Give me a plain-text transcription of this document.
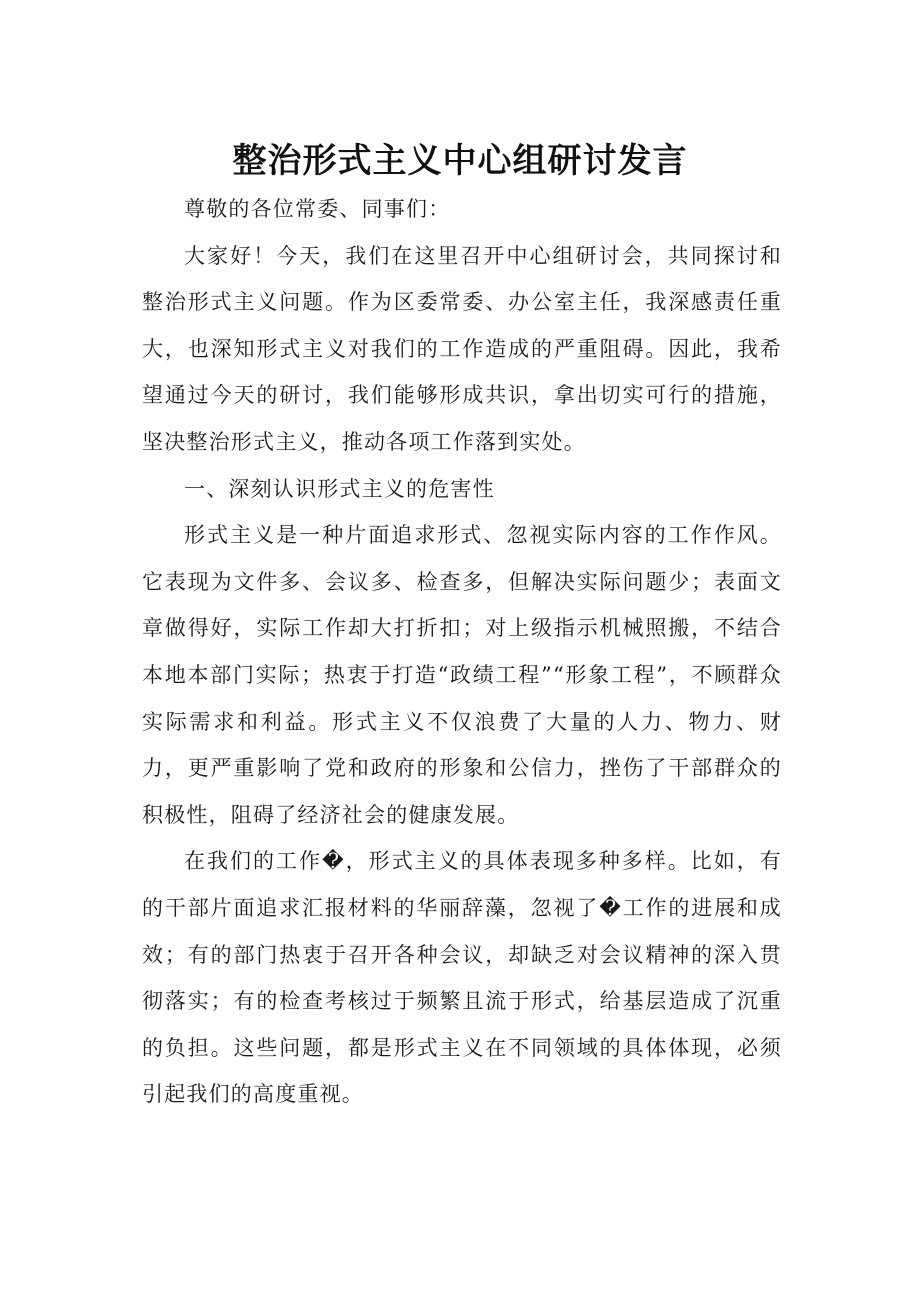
整治形式主义中心组研讨发言

尊敬的各位常委、同事们：

大家好！今天，我们在这里召开中心组研讨会，共同探讨和整治形式主义问题。作为区委常委、办公室主任，我深感责任重大，也深知形式主义对我们的工作造成的严重阻碍。因此，我希望通过今天的研讨，我们能够形成共识，拿出切实可行的措施，坚决整治形式主义，推动各项工作落到实处。

一、深刻认识形式主义的危害性

形式主义是一种片面追求形式、忽视实际内容的工作作风。它表现为文件多、会议多、检查多，但解决实际问题少；表面文章做得好，实际工作却大打折扣；对上级指示机械照搬，不结合本地本部门实际；热衷于打造“政绩工程”“形象工程”，不顾群众实际需求和利益。形式主义不仅浪费了大量的人力、物力、财力，更严重影响了党和政府的形象和公信力，挫伤了干部群众的积极性，阻碍了经济社会的健康发展。

在我们的工作�，形式主义的具体表现多种多样。比如，有的干部片面追求汇报材料的华丽辞藻，忽视了�工作的进展和成效；有的部门热衷于召开各种会议，却缺乏对会议精神的深入贯彻落实；有的检查考核过于频繁且流于形式，给基层造成了沉重的负担。这些问题，都是形式主义在不同领域的具体体现，必须引起我们的高度重视。
